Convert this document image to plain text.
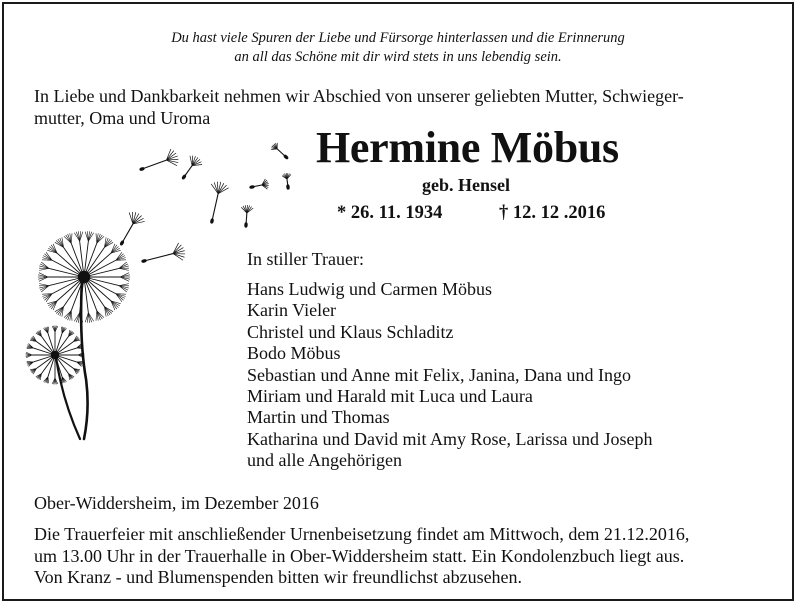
Du hast viele Spuren der Liebe und Fürsorge hinterlassen und die Erinnerung
an all das Schöne mit dir wird stets in uns lebendig sein.
In Liebe und Dankbarkeit nehmen wir Abschied von unserer geliebten Mutter, Schwieger-
mutter, Oma und Uroma
Hermine Möbus
geb. Hensel
* 26. 11. 1934	† 12. 12 .2016
In stiller Trauer:
Hans Ludwig und Carmen Möbus
Karin Vieler
Christel und Klaus Schladitz
Bodo Möbus
Sebastian und Anne mit Felix, Janina, Dana und Ingo
Miriam und Harald mit Luca und Laura
Martin und Thomas
Katharina und David mit Amy Rose, Larissa und Joseph
und alle Angehörigen
Ober-Widdersheim, im Dezember 2016
Die Trauerfeier mit anschließender Urnenbeisetzung findet am Mittwoch, dem 21.12.2016,
um 13.00 Uhr in der Trauerhalle in Ober-Widdersheim statt. Ein Kondolenzbuch liegt aus.
Von Kranz - und Blumenspenden bitten wir freundlichst abzusehen.
